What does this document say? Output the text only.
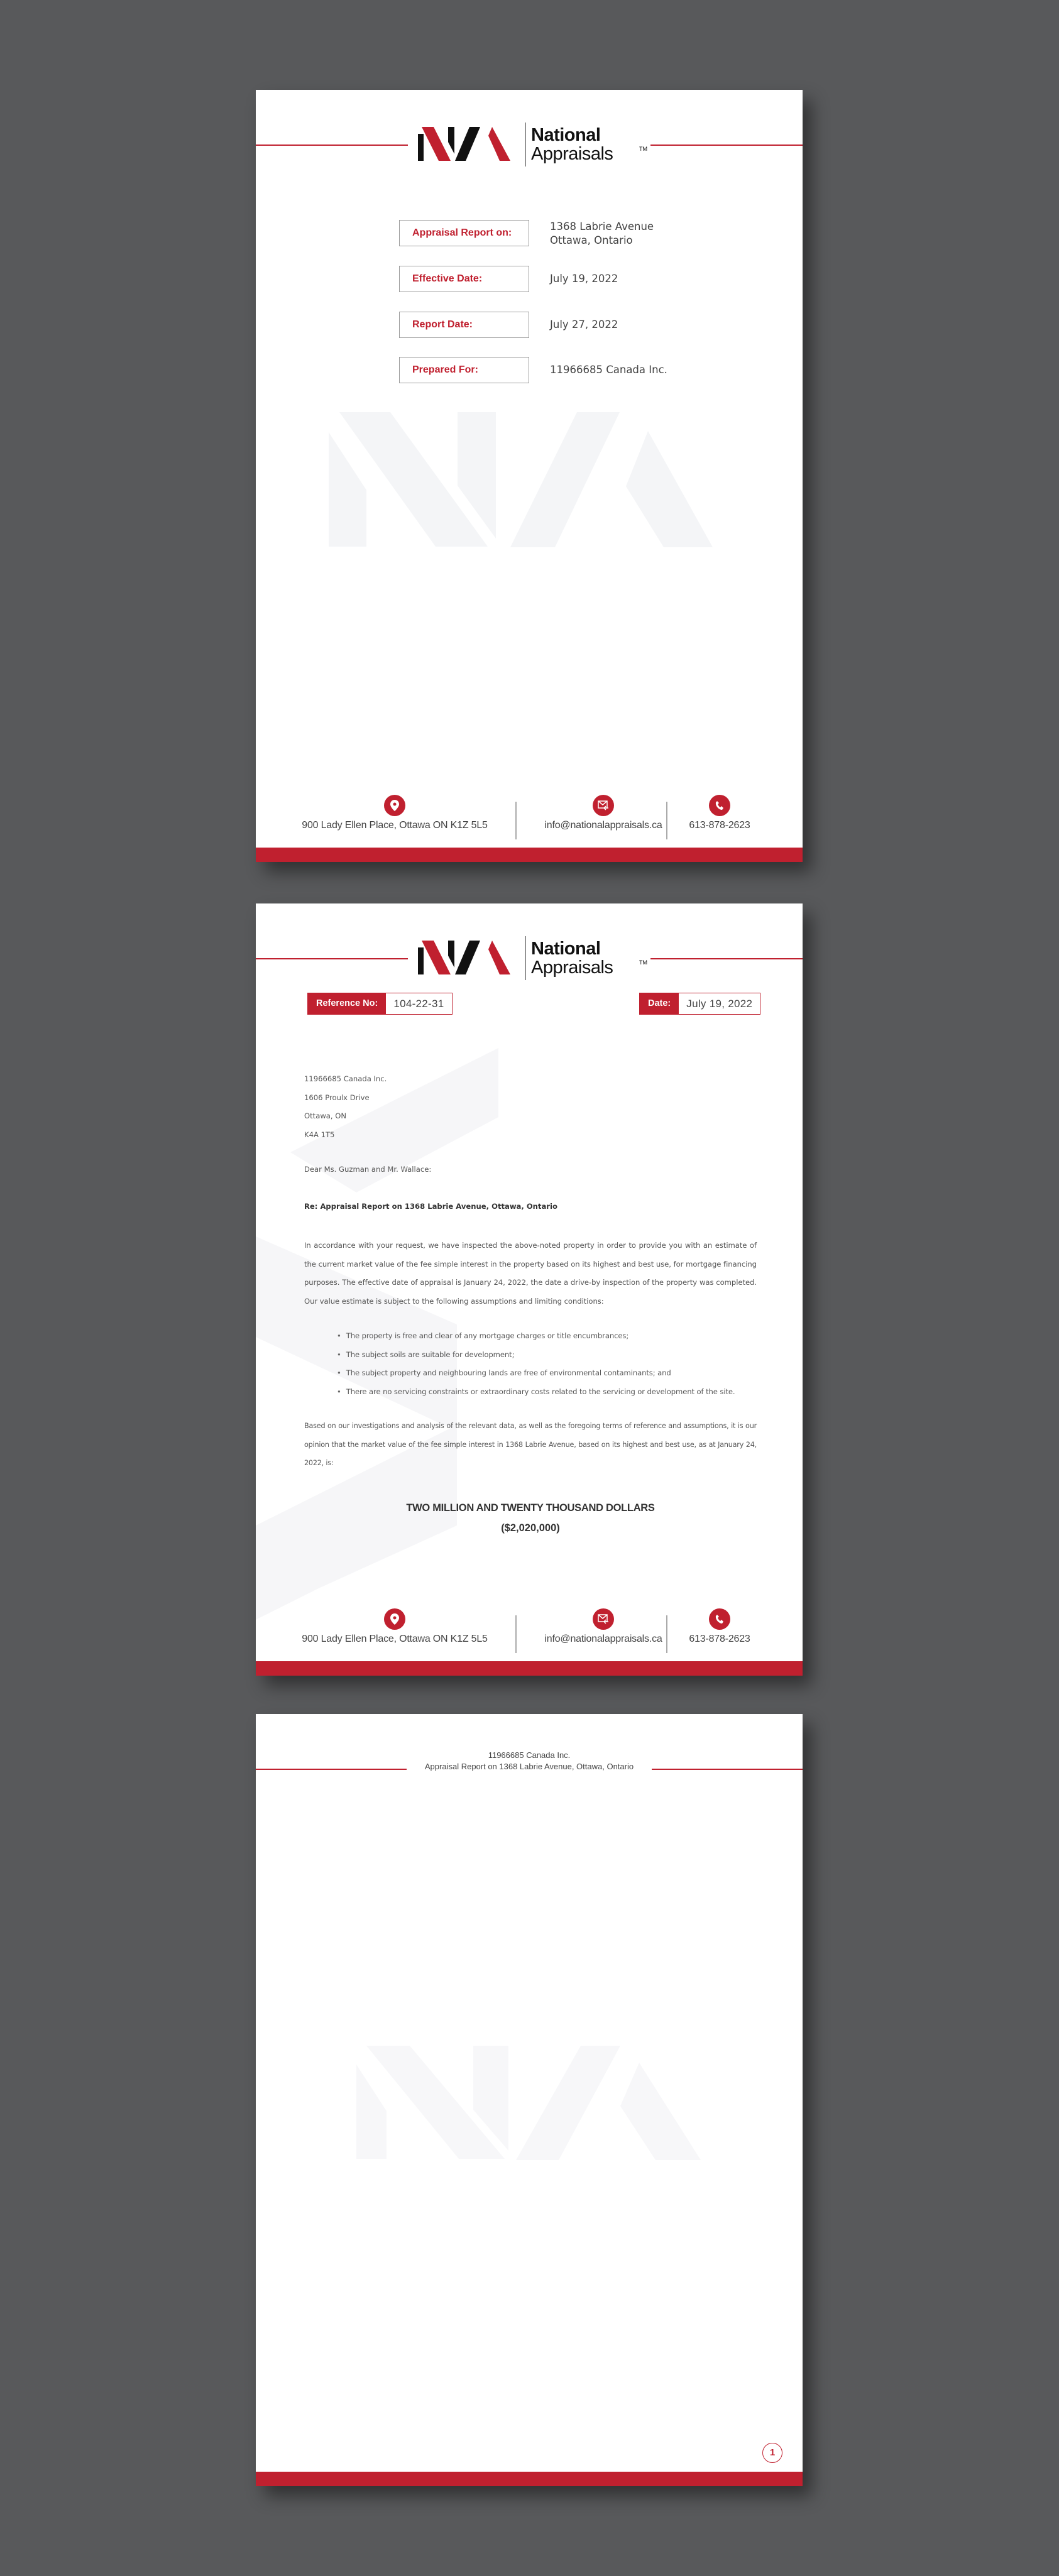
National
Appraisals	TM
Appraisal Report on:
1368 Labrie Avenue
Ottawa, Ontario
Effective Date:	July 19, 2022
Report Date:	July 27, 2022
Prepared For:	11966685 Canada Inc.
900 Lady Ellen Place, Ottawa ON K1Z 5L5	info@nationalappraisals.ca	613-878-2623
National
Appraisals	TM
Reference No:	104-22-31	Date:	July 19, 2022
11966685 Canada Inc.
1606 Proulx Drive
Ottawa, ON
K4A 1T5
Dear Ms. Guzman and Mr. Wallace:
Re: Appraisal Report on 1368 Labrie Avenue, Ottawa, Ontario
In accordance with your request, we have inspected the above-noted property in order to provide you with an estimate of the current market value of the fee simple interest in the property based on its highest and best use, for mortgage financing purposes. The effective date of appraisal is January 24, 2022, the date a drive-by inspection of the property was completed. Our value estimate is subject to the following assumptions and limiting conditions:
• The property is free and clear of any mortgage charges or title encumbrances;
• The subject soils are suitable for development;
• The subject property and neighbouring lands are free of environmental contaminants; and
• There are no servicing constraints or extraordinary costs related to the servicing or development of the site.
Based on our investigations and analysis of the relevant data, as well as the foregoing terms of reference and assumptions, it is our opinion that the market value of the fee simple interest in 1368 Labrie Avenue, based on its highest and best use, as at January 24, 2022, is:
TWO MILLION AND TWENTY THOUSAND DOLLARS
($2,020,000)
900 Lady Ellen Place, Ottawa ON K1Z 5L5	info@nationalappraisals.ca	613-878-2623
11966685 Canada Inc.
Appraisal Report on 1368 Labrie Avenue, Ottawa, Ontario
1
